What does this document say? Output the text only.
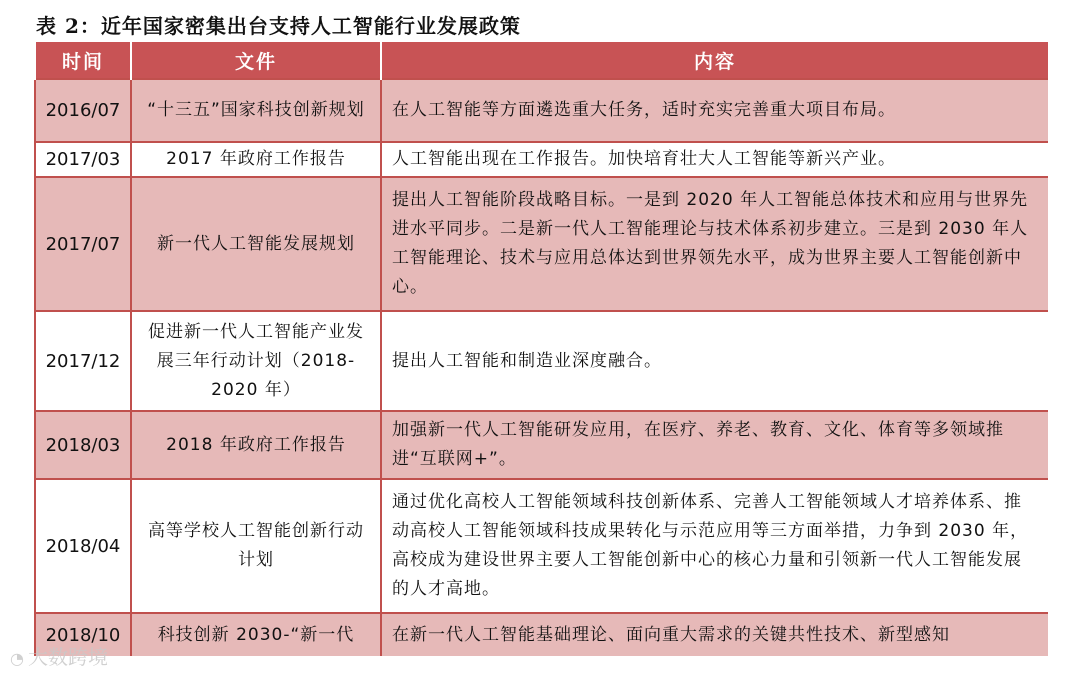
表 2：近年国家密集出台支持人工智能行业发展政策
时间	文件	内容
2016/07	“十三五”国家科技创新规划	在人工智能等方面遴选重大任务，适时充实完善重大项目布局。
2017/03	2017 年政府工作报告	人工智能出现在工作报告。加快培育壮大人工智能等新兴产业。
2017/07	新一代人工智能发展规划	提出人工智能阶段战略目标。一是到 2020 年人工智能总体技术和应用与世界先进水平同步。二是新一代人工智能理论与技术体系初步建立。三是到 2030 年人工智能理论、技术与应用总体达到世界领先水平，成为世界主要人工智能创新中心。
2017/12	促进新一代人工智能产业发展三年行动计划（2018-2020 年）	提出人工智能和制造业深度融合。
2018/03	2018 年政府工作报告	加强新一代人工智能研发应用，在医疗、养老、教育、文化、体育等多领域推进“互联网+”。
2018/04	高等学校人工智能创新行动计划	通过优化高校人工智能领域科技创新体系、完善人工智能领域人才培养体系、推动高校人工智能领域科技成果转化与示范应用等三方面举措，力争到 2030 年，高校成为建设世界主要人工智能创新中心的核心力量和引领新一代人工智能发展的人才高地。
2018/10	科技创新 2030-“新一代	在新一代人工智能基础理论、面向重大需求的关键共性技术、新型感知
◔ 大数跨境
